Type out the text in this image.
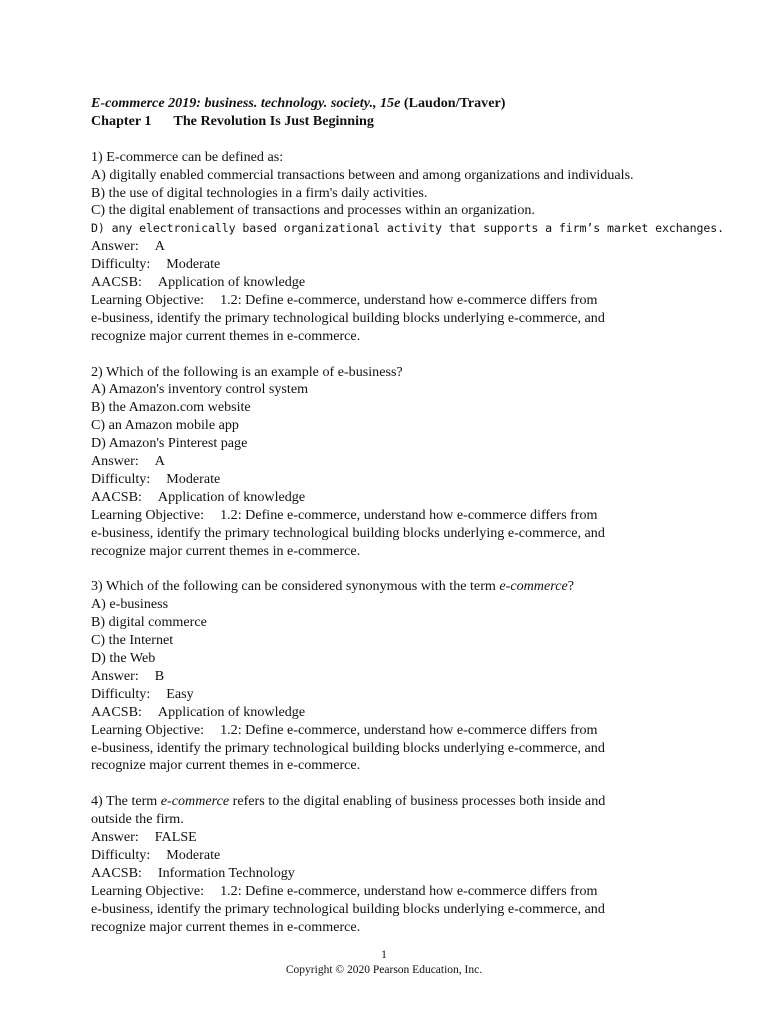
E-commerce 2019: business. technology. society., 15e (Laudon/Traver)
Chapter 1 The Revolution Is Just Beginning
1) E-commerce can be defined as:
A) digitally enabled commercial transactions between and among organizations and individuals.
B) the use of digital technologies in a firm's daily activities.
C) the digital enablement of transactions and processes within an organization.
D) any electronically based organizational activity that supports a firm’s market exchanges.
Answer: A
Difficulty: Moderate
AACSB: Application of knowledge
Learning Objective: 1.2: Define e-commerce, understand how e-commerce differs from
e-business, identify the primary technological building blocks underlying e-commerce, and
recognize major current themes in e-commerce.
2) Which of the following is an example of e-business?
A) Amazon's inventory control system
B) the Amazon.com website
C) an Amazon mobile app
D) Amazon's Pinterest page
Answer: A
Difficulty: Moderate
AACSB: Application of knowledge
Learning Objective: 1.2: Define e-commerce, understand how e-commerce differs from
e-business, identify the primary technological building blocks underlying e-commerce, and
recognize major current themes in e-commerce.
3) Which of the following can be considered synonymous with the term e-commerce?
A) e-business
B) digital commerce
C) the Internet
D) the Web
Answer: B
Difficulty: Easy
AACSB: Application of knowledge
Learning Objective: 1.2: Define e-commerce, understand how e-commerce differs from
e-business, identify the primary technological building blocks underlying e-commerce, and
recognize major current themes in e-commerce.
4) The term e-commerce refers to the digital enabling of business processes both inside and
outside the firm.
Answer: FALSE
Difficulty: Moderate
AACSB: Information Technology
Learning Objective: 1.2: Define e-commerce, understand how e-commerce differs from
e-business, identify the primary technological building blocks underlying e-commerce, and
recognize major current themes in e-commerce.
1
Copyright © 2020 Pearson Education, Inc.
